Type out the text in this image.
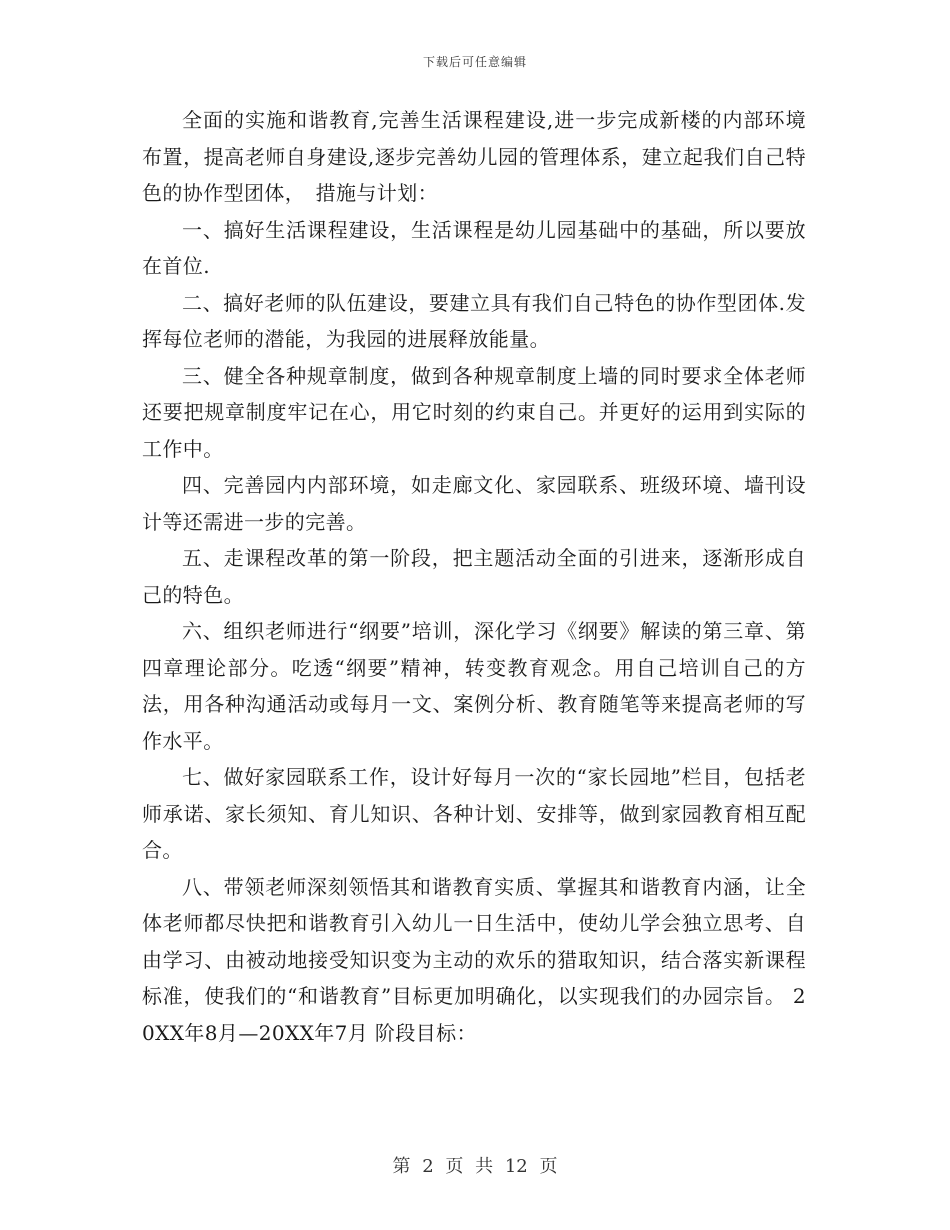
下载后可任意编辑

全面的实施和谐教育,完善生活课程建设,进一步完成新楼的内部环境布置，提高老师自身建设,逐步完善幼儿园的管理体系，建立起我们自己特色的协作型团体，　措施与计划：

一、搞好生活课程建设，生活课程是幼儿园基础中的基础，所以要放在首位.

二、搞好老师的队伍建设，要建立具有我们自己特色的协作型团体.发挥每位老师的潜能，为我园的进展释放能量。

三、健全各种规章制度，做到各种规章制度上墙的同时要求全体老师还要把规章制度牢记在心，用它时刻的约束自己。并更好的运用到实际的工作中。

四、完善园内内部环境，如走廊文化、家园联系、班级环境、墙刊设计等还需进一步的完善。

五、走课程改革的第一阶段，把主题活动全面的引进来，逐渐形成自己的特色。

六、组织老师进行“纲要”培训，深化学习《纲要》解读的第三章、第四章理论部分。吃透“纲要”精神，转变教育观念。用自己培训自己的方法，用各种沟通活动或每月一文、案例分析、教育随笔等来提高老师的写作水平。

七、做好家园联系工作，设计好每月一次的“家长园地”栏目，包括老师承诺、家长须知、育儿知识、各种计划、安排等，做到家园教育相互配合。

八、带领老师深刻领悟其和谐教育实质、掌握其和谐教育内涵，让全体老师都尽快把和谐教育引入幼儿一日生活中，使幼儿学会独立思考、自由学习、由被动地接受知识变为主动的欢乐的猎取知识，结合落实新课程标准，使我们的“和谐教育”目标更加明确化，以实现我们的办园宗旨。 20XX年8月—20XX年7月 阶段目标：

第 2 页 共 12 页
